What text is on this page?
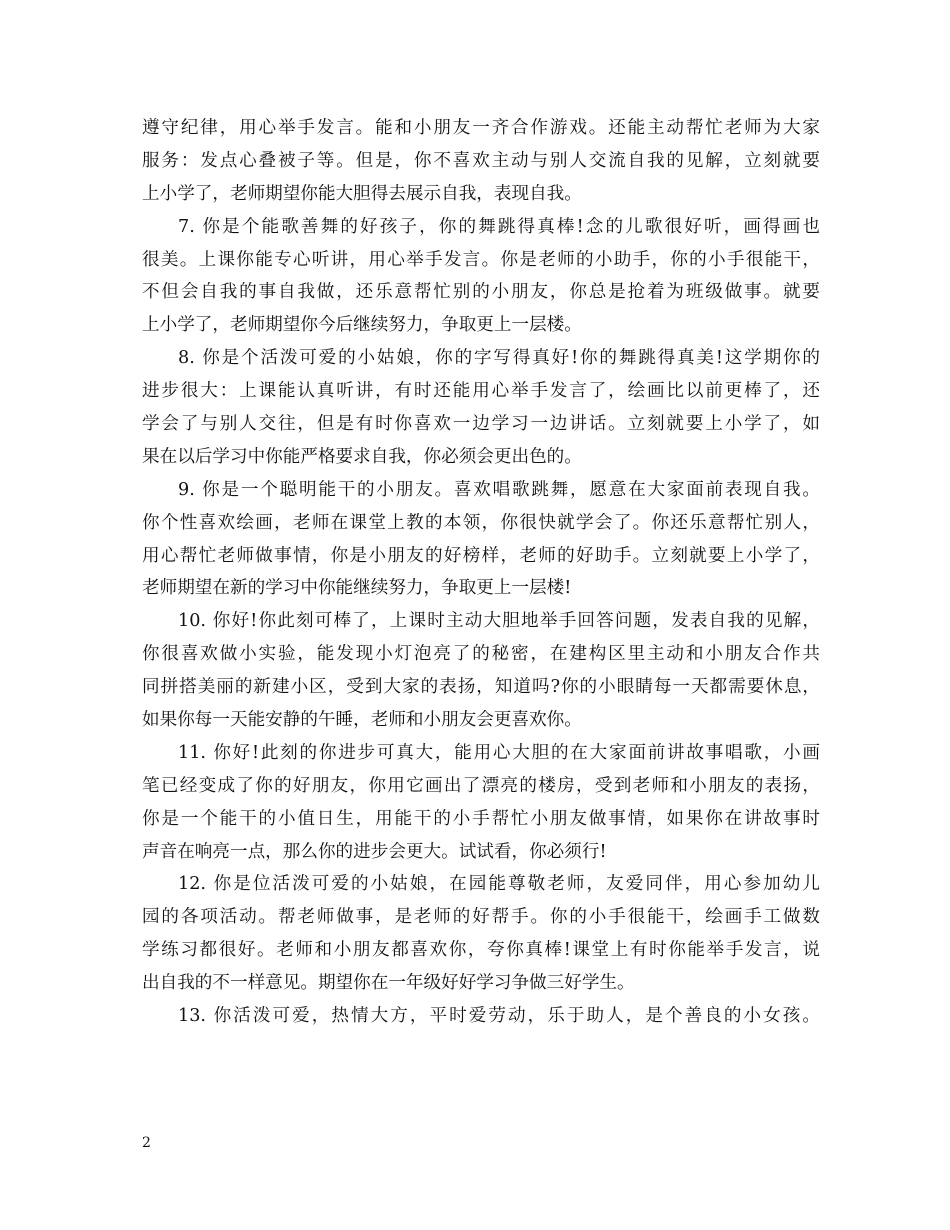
遵守纪律，用心举手发言。能和小朋友一齐合作游戏。还能主动帮忙老师为大家
服务：发点心叠被子等。但是，你不喜欢主动与别人交流自我的见解，立刻就要
上小学了，老师期望你能大胆得去展示自我，表现自我。
7. 你是个能歌善舞的好孩子，你的舞跳得真棒!念的儿歌很好听，画得画也
很美。上课你能专心听讲，用心举手发言。你是老师的小助手，你的小手很能干，
不但会自我的事自我做，还乐意帮忙别的小朋友，你总是抢着为班级做事。就要
上小学了，老师期望你今后继续努力，争取更上一层楼。
8. 你是个活泼可爱的小姑娘，你的字写得真好!你的舞跳得真美!这学期你的
进步很大：上课能认真听讲，有时还能用心举手发言了，绘画比以前更棒了，还
学会了与别人交往，但是有时你喜欢一边学习一边讲话。立刻就要上小学了，如
果在以后学习中你能严格要求自我，你必须会更出色的。
9. 你是一个聪明能干的小朋友。喜欢唱歌跳舞，愿意在大家面前表现自我。
你个性喜欢绘画，老师在课堂上教的本领，你很快就学会了。你还乐意帮忙别人，
用心帮忙老师做事情，你是小朋友的好榜样，老师的好助手。立刻就要上小学了，
老师期望在新的学习中你能继续努力，争取更上一层楼!
10. 你好!你此刻可棒了，上课时主动大胆地举手回答问题，发表自我的见解，
你很喜欢做小实验，能发现小灯泡亮了的秘密，在建构区里主动和小朋友合作共
同拼搭美丽的新建小区，受到大家的表扬，知道吗?你的小眼睛每一天都需要休息，
如果你每一天能安静的午睡，老师和小朋友会更喜欢你。
11. 你好!此刻的你进步可真大，能用心大胆的在大家面前讲故事唱歌，小画
笔已经变成了你的好朋友，你用它画出了漂亮的楼房，受到老师和小朋友的表扬，
你是一个能干的小值日生，用能干的小手帮忙小朋友做事情，如果你在讲故事时
声音在响亮一点，那么你的进步会更大。试试看，你必须行!
12. 你是位活泼可爱的小姑娘，在园能尊敬老师，友爱同伴，用心参加幼儿
园的各项活动。帮老师做事，是老师的好帮手。你的小手很能干，绘画手工做数
学练习都很好。老师和小朋友都喜欢你，夸你真棒!课堂上有时你能举手发言，说
出自我的不一样意见。期望你在一年级好好学习争做三好学生。
13. 你活泼可爱，热情大方，平时爱劳动，乐于助人，是个善良的小女孩。
2
